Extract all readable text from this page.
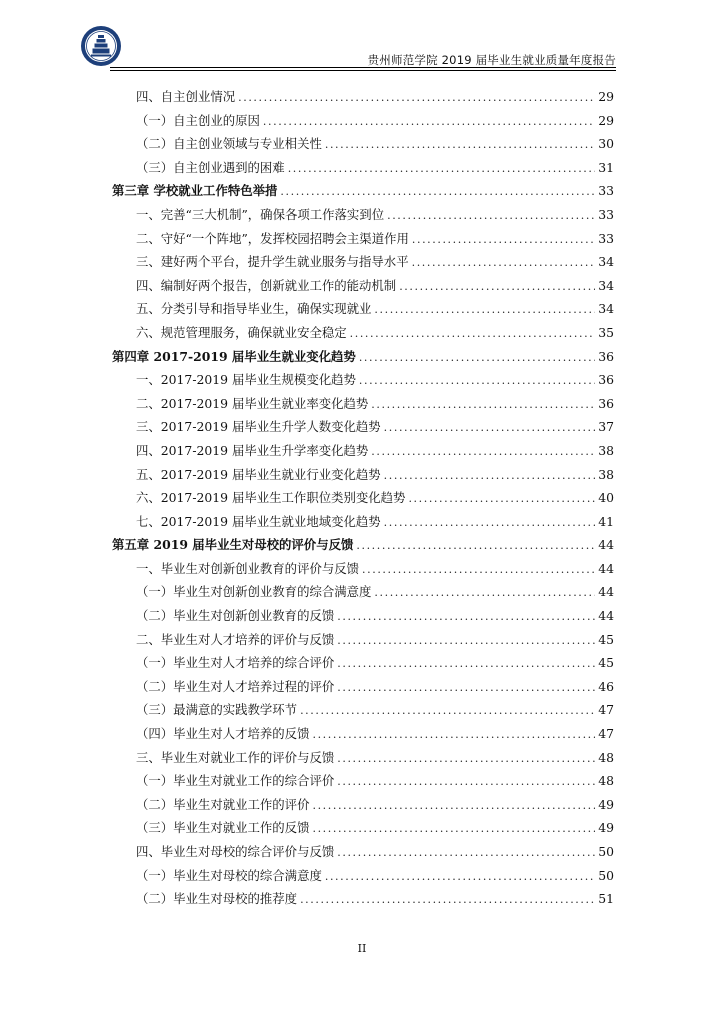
贵州师范学院 2019 届毕业生就业质量年度报告
四、自主创业情况 .....	29
（一）自主创业的原因 .....	29
（二）自主创业领域与专业相关性 .....	30
（三）自主创业遇到的困难 .....	31
第三章 学校就业工作特色举措 .....	33
一、完善“三大机制”，确保各项工作落实到位 .....	33
二、守好“一个阵地”，发挥校园招聘会主渠道作用 .....	33
三、建好两个平台，提升学生就业服务与指导水平 .....	34
四、编制好两个报告，创新就业工作的能动机制 .....	34
五、分类引导和指导毕业生，确保实现就业 .....	34
六、规范管理服务，确保就业安全稳定 .....	35
第四章 2017-2019 届毕业生就业变化趋势 .....	36
一、2017-2019 届毕业生规模变化趋势 .....	36
二、2017-2019 届毕业生就业率变化趋势 .....	36
三、2017-2019 届毕业生升学人数变化趋势 .....	37
四、2017-2019 届毕业生升学率变化趋势 .....	38
五、2017-2019 届毕业生就业行业变化趋势 .....	38
六、2017-2019 届毕业生工作职位类别变化趋势 .....	40
七、2017-2019 届毕业生就业地域变化趋势 .....	41
第五章 2019 届毕业生对母校的评价与反馈 .....	44
一、毕业生对创新创业教育的评价与反馈 .....	44
（一）毕业生对创新创业教育的综合满意度 .....	44
（二）毕业生对创新创业教育的反馈 .....	44
二、毕业生对人才培养的评价与反馈 .....	45
（一）毕业生对人才培养的综合评价 .....	45
（二）毕业生对人才培养过程的评价 .....	46
（三）最满意的实践教学环节 .....	47
（四）毕业生对人才培养的反馈 .....	47
三、毕业生对就业工作的评价与反馈 .....	48
（一）毕业生对就业工作的综合评价 .....	48
（二）毕业生对就业工作的评价 .....	49
（三）毕业生对就业工作的反馈 .....	49
四、毕业生对母校的综合评价与反馈 .....	50
（一）毕业生对母校的综合满意度 .....	50
（二）毕业生对母校的推荐度 .....	51
II
